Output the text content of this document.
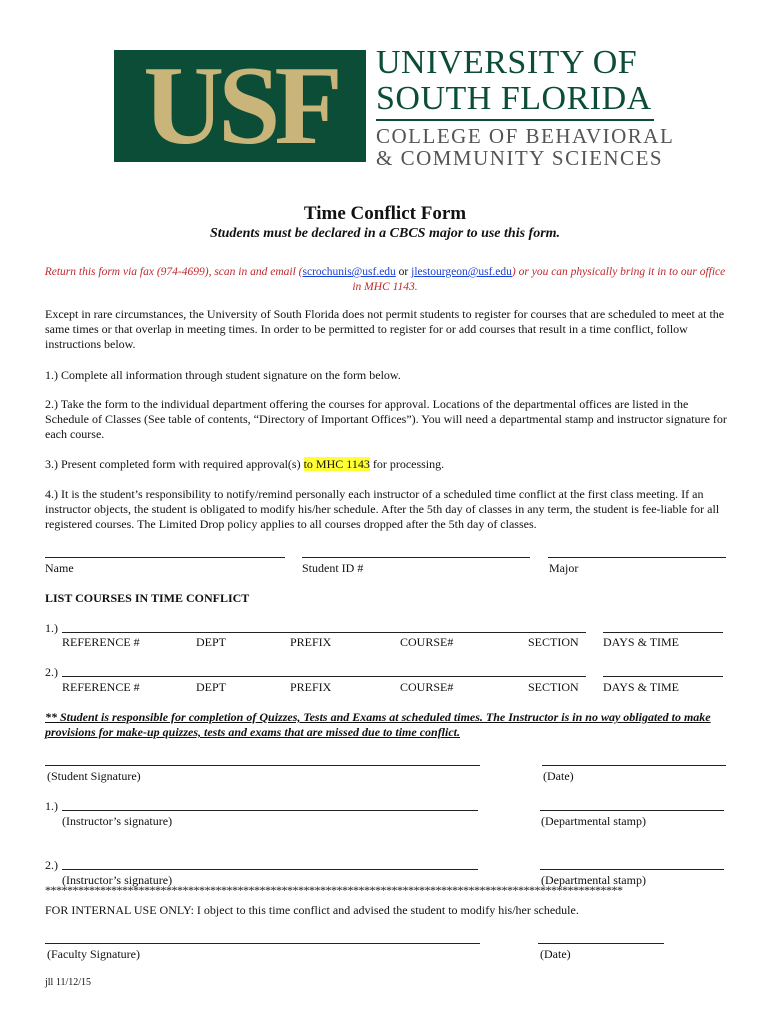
USF	UNIVERSITY OF
SOUTH FLORIDA
COLLEGE OF BEHAVIORAL
& COMMUNITY SCIENCES
Time Conflict Form
Students must be declared in a CBCS major to use this form.
Return this form via fax (974-4699), scan in and email (scrochunis@usf.edu or jlestourgeon@usf.edu) or you can physically bring it in to our office
in MHC 1143.
Except in rare circumstances, the University of South Florida does not permit students to register for courses that are scheduled to meet at the same times or that overlap in meeting times. In order to be permitted to register for or add courses that result in a time conflict, follow instructions below.
1.) Complete all information through student signature on the form below.
2.) Take the form to the individual department offering the courses for approval. Locations of the departmental offices are listed in the Schedule of Classes (See table of contents, “Directory of Important Offices”). You will need a departmental stamp and instructor signature for each course.
3.) Present completed form with required approval(s) to MHC 1143 for processing.
4.) It is the student’s responsibility to notify/remind personally each instructor of a scheduled time conflict at the first class meeting. If an instructor objects, the student is obligated to modify his/her schedule. After the 5th day of classes in any term, the student is fee-liable for all registered courses. The Limited Drop policy applies to all courses dropped after the 5th day of classes.
Name	Student ID #	Major
LIST COURSES IN TIME CONFLICT
1.)
REFERENCE #	DEPT	PREFIX	COURSE#	SECTION DAYS & TIME
2.)
REFERENCE #	DEPT	PREFIX	COURSE#	SECTION DAYS & TIME
** Student is responsible for completion of Quizzes, Tests and Exams at scheduled times. The Instructor is in no way obligated to make provisions for make-up quizzes, tests and exams that are missed due to time conflict.
(Student Signature)	(Date)
1.)
(Instructor’s signature)	(Departmental stamp)
2.)
(Instructor’s signature)	(Departmental stamp)
*********************************************************************************************************
FOR INTERNAL USE ONLY: I object to this time conflict and advised the student to modify his/her schedule.
(Faculty Signature)	(Date)
jll 11/12/15
